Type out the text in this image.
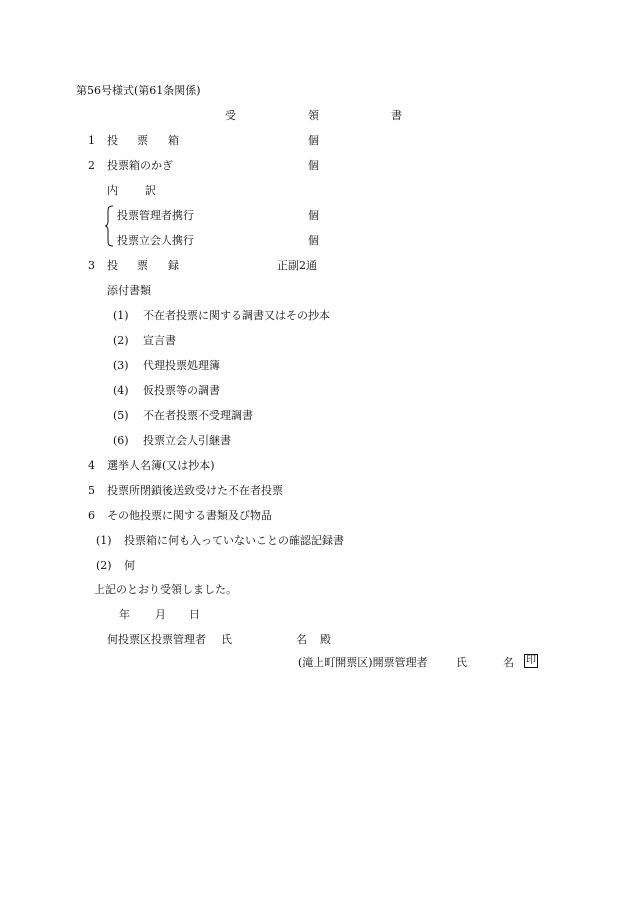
第56号様式(第61条関係)
受	領	書
1 投 票 箱	個
2 投票箱のかぎ	個
内 訳
投票管理者携行	個
投票立会人携行	個
3 投 票 録	正副2通
添付書類
(1) 不在者投票に関する調書又はその抄本
(2) 宣言書
(3) 代理投票処理簿
(4) 仮投票等の調書
(5) 不在者投票不受理調書
(6) 投票立会人引継書
4 選挙人名簿(又は抄本)
5 投票所閉鎖後送致受けた不在者投票
6 その他投票に関する書類及び物品
(1) 投票箱に何も入っていないことの確認記録書
(2) 何
上記のとおり受領しました。
年 月 日
何投票区投票管理者 氏	名 殿
(滝上町開票区)開票管理者	氏	名 印
